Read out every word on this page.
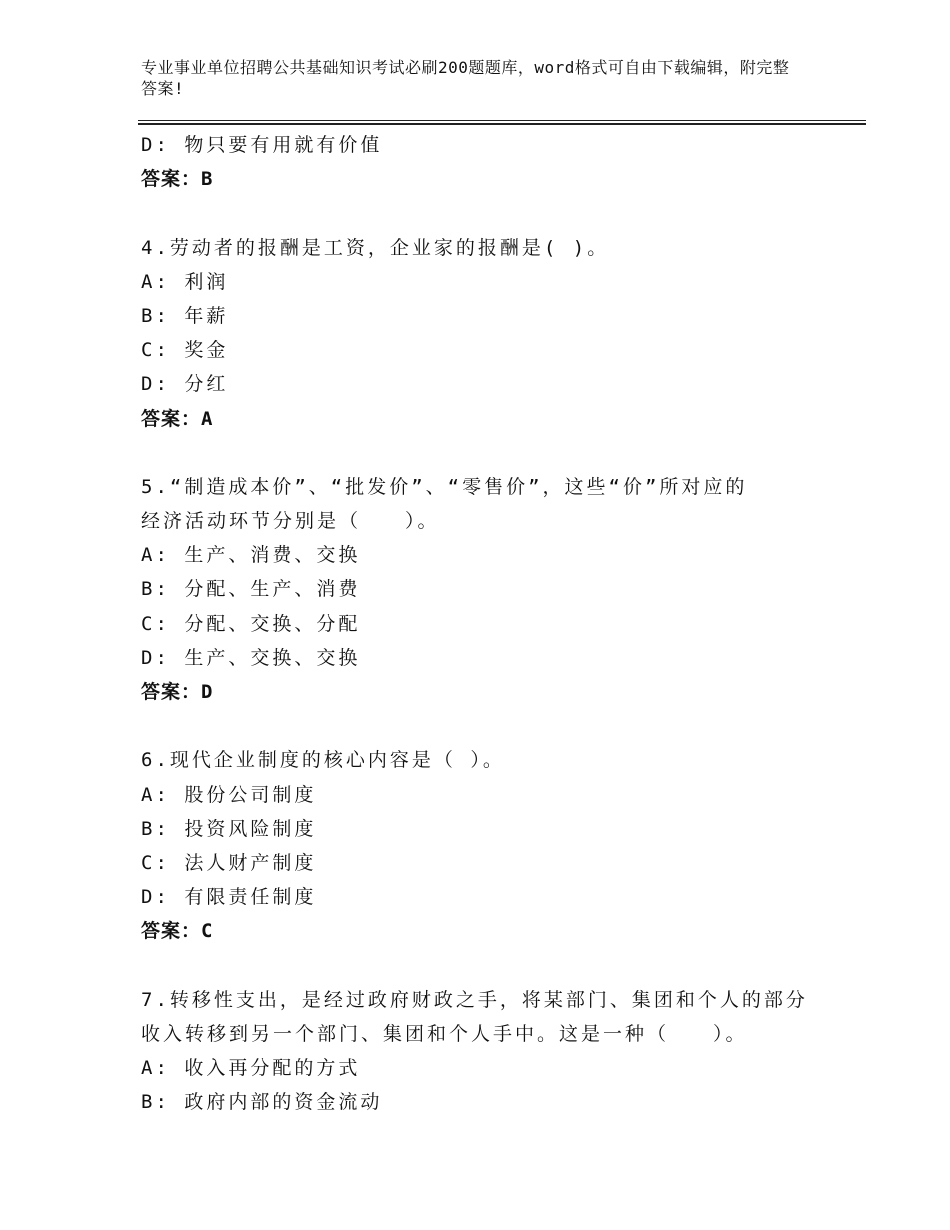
专业事业单位招聘公共基础知识考试必刷200题题库，word格式可自由下载编辑，附完整答案!
D: 物只要有用就有价值
答案：B
4.劳动者的报酬是工资，企业家的报酬是( )。
A: 利润
B: 年薪
C: 奖金
D: 分红
答案：A
5.“制造成本价”、“批发价”、“零售价”，这些“价”所对应的
经济活动环节分别是（　　）。
A: 生产、消费、交换
B: 分配、生产、消费
C: 分配、交换、分配
D: 生产、交换、交换
答案：D
6.现代企业制度的核心内容是（ ）。
A: 股份公司制度
B: 投资风险制度
C: 法人财产制度
D: 有限责任制度
答案：C
7.转移性支出，是经过政府财政之手，将某部门、集团和个人的部分
收入转移到另一个部门、集团和个人手中。这是一种（　　）。
A: 收入再分配的方式
B: 政府内部的资金流动
